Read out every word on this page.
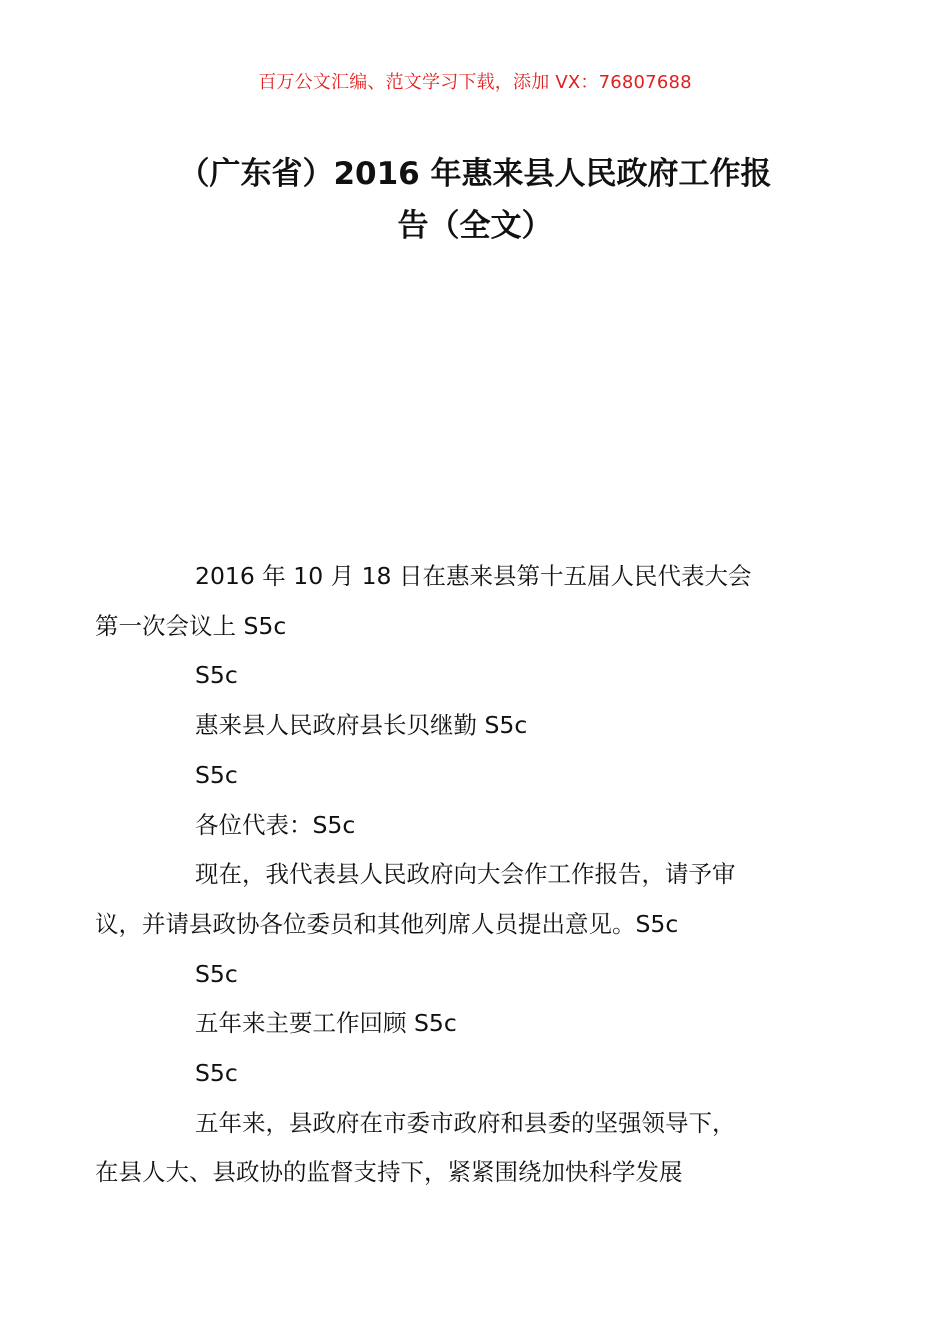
百万公文汇编、范文学习下载，添加 VX：76807688
（广东省）2016 年惠来县人民政府工作报
告（全文）

2016 年 10 月 18 日在惠来县第十五届人民代表大会
第一次会议上 S5c

S5c

惠来县人民政府县长贝继勤 S5c

S5c

各位代表：S5c

现在，我代表县人民政府向大会作工作报告，请予审
议，并请县政协各位委员和其他列席人员提出意见。S5c

S5c

五年来主要工作回顾 S5c

S5c

五年来，县政府在市委市政府和县委的坚强领导下，
在县人大、县政协的监督支持下，紧紧围绕加快科学发展
